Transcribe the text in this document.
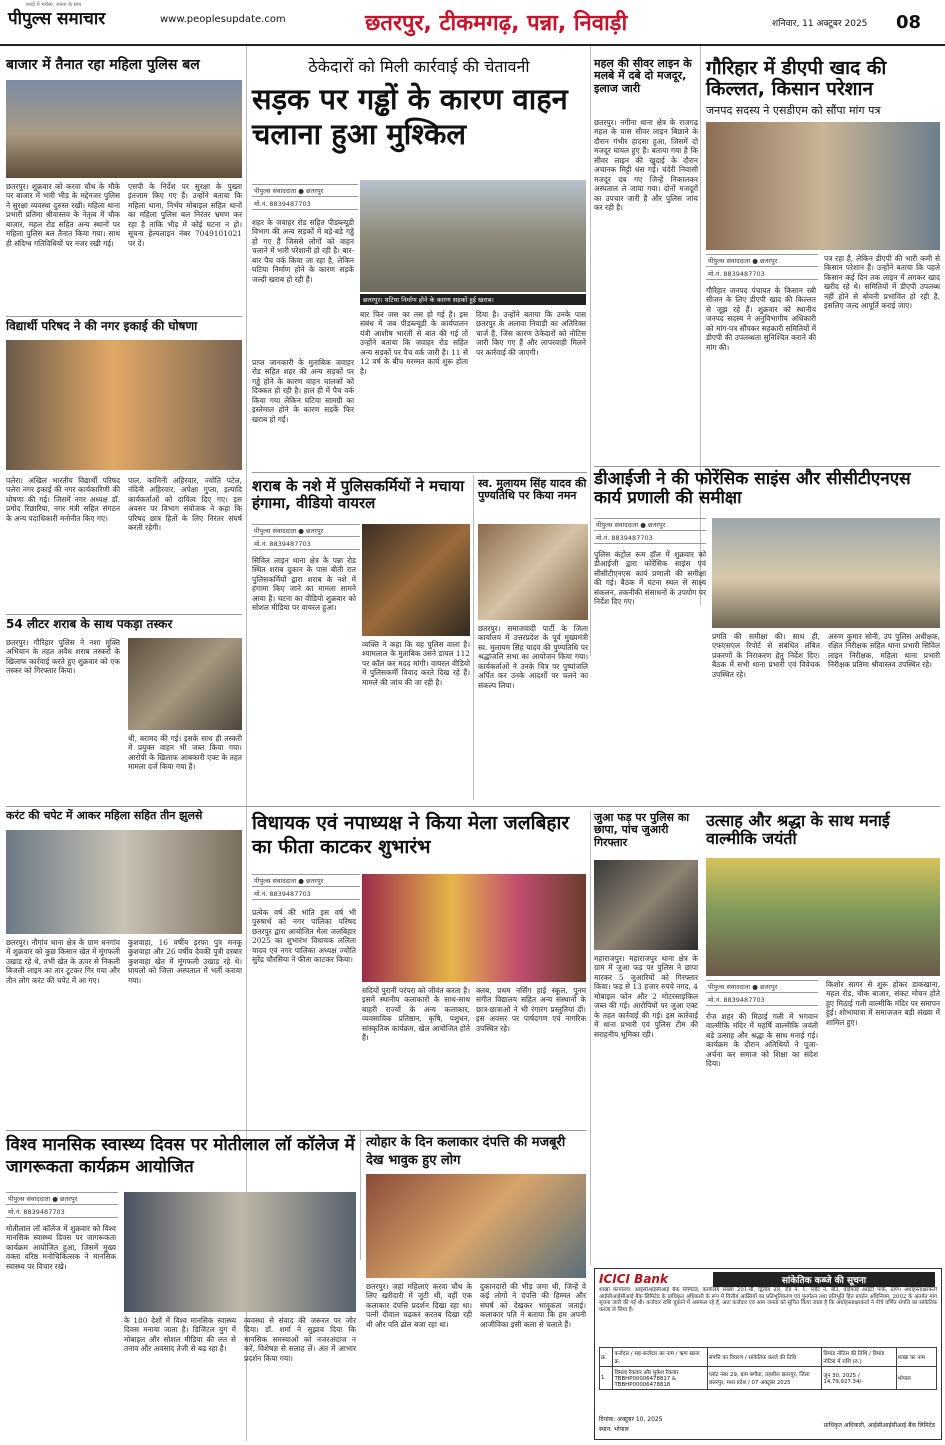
पीपुल्स समाचार
शब्दों में भरोसा, जनता के साथ
www.peoplesupdate.com	छतरपुर, टीकमगढ़, पन्ना, निवाड़ी	शनिवार, 11 अक्टूबर 2025 08
बाजार में तैनात रहा महिला पुलिस बल
छतरपुर। शुक्रवार को करवा चौथ के मौके पर बाजार में भारी भीड़ के मद्देनजर पुलिस ने सुरक्षा व्यवस्था दुरुस्त रखी। महिला थाना प्रभारी प्रतिमा श्रीवास्तव के नेतृत्व में चौक बाजार, महल रोड सहित अन्य स्थानों पर महिला पुलिस बल तैनात किया गया। साथ ही संदिग्ध गतिविधियों पर नजर रखी गई।
एसपी के निर्देश पर सुरक्षा के पुख्ता इंतजाम किए गए हैं। उन्होंने बताया कि महिला थाना, निर्भय मोबाइल सहित थानों का महिला पुलिस बल निरंतर भ्रमण कर रहा है ताकि भीड़ में कोई घटना न हो। सूचना हेल्पलाइन नंबर 7049101021 पर दें।
ठेकेदारों को मिली कार्रवाई की चेतावनी
सड़क पर गड्ढों के कारण वाहन चलाना हुआ मुश्किल
पीपुल्स संवाददाता ● छतरपुर
मो.नं. 8839487703
छतरपुर। घटिया निर्माण होने के कारण सड़कों हुई खराब।
शहर के जवाहर रोड सहित पीडब्ल्यूडी विभाग की अन्य सड़कों में बड़े-बड़े गड्ढे हो गए हैं जिससे लोगों को वाहन चलाने में भारी परेशानी हो रही है। बार-बार पैच वर्क किया जा रहा है, लेकिन घटिया निर्माण होने के कारण सड़कें जल्दी खराब हो रही हैं।
प्राप्त जानकारी के मुताबिक जवाहर रोड सहित शहर की अन्य सड़कों पर गड्ढे होने के कारण वाहन चालकों को दिक्कत हो रही है। हाल ही में पैच वर्क किया गया लेकिन घटिया सामग्री का इस्तेमाल होने के कारण सड़कें फिर खराब हो गईं।
बार फिर जस का तस हो गई है। इस संबंध में जब पीडब्ल्यूडी के कार्यपालन यंत्री आशीष भारती से बात की गई तो उन्होंने बताया कि जवाहर रोड सहित अन्य सड़कों पर पैच वर्क जारी है। 11 से 12 वर्ष के बीच मरम्मत कार्य शुरू होता है।
दिया है। उन्होंने बताया कि उनके पास छतरपुर के अलावा निवाड़ी का अतिरिक्त चार्ज है, जिस कारण ठेकेदारों को नोटिस जारी किए गए हैं और लापरवाही मिलने पर कार्रवाई की जाएगी।
महल की सीवर लाइन के मलबे में दबे दो मजदूर, इलाज जारी
छतरपुर। नगीना थाना क्षेत्र के राजगढ़ महल के पास सीवर लाइन बिछाने के दौरान गंभीर हादसा हुआ, जिसमें दो मजदूर घायल हुए हैं। बताया गया है कि सीवर लाइन की खुदाई के दौरान अचानक मिट्टी धंस गई। चंदेरी निवासी मजदूर दब गए जिन्हें निकालकर अस्पताल ले जाया गया। दोनों मजदूरों का उपचार जारी है और पुलिस जांच कर रही है।
गौरिहार में डीएपी खाद की किल्लत, किसान परेशान
जनपद सदस्य ने एसडीएम को सौंपा मांग पत्र
पीपुल्स संवाददाता ● छतरपुर
मो.नं. 8839487703
गौरिहार जनपद पंचायत के किसान रबी सीजन के लिए डीएपी खाद की किल्लत से जूझ रहे हैं। शुक्रवार को स्थानीय जनपद सदस्य ने अनुविभागीय अधिकारी को मांग-पत्र सौंपकर सहकारी समितियों में डीएपी की उपलब्धता सुनिश्चित कराने की मांग की।
पत्र रहा है, लेकिन डीएपी की भारी कमी से किसान परेशान हैं। उन्होंने बताया कि पहले किसान कई दिन तक लाइन में लगकर खाद खरीद रहे थे। समितियों में डीएपी उपलब्ध नहीं होने से बोवनी प्रभावित हो रही है, इसलिए जल्द आपूर्ति कराई जाए।
विद्यार्थी परिषद ने की नगर इकाई की घोषणा
पलेरा। अखिल भारतीय विद्यार्थी परिषद पलेरा नगर इकाई की नगर कार्यकारिणी की घोषणा की गई। जिसमें नगर अध्यक्ष डॉ. प्रमोद रिछारिया, नगर मंत्री सहित संगठन के अन्य पदाधिकारी मनोनीत किए गए।
पाल, कामिनी अहिरवार, ज्योति पटेल, नंदिनी अहिरवार, अपेक्षा गुप्ता, इत्यादि कार्यकर्ताओं को दायित्व दिए गए। इस अवसर पर विभाग संयोजक ने कहा कि परिषद छात्र हितों के लिए निरंतर संघर्ष करती रहेगी।
शराब के नशे में पुलिसकर्मियों ने मचाया हंगामा, वीडियो वायरल
पीपुल्स संवाददाता ● छतरपुर
मो.नं. 8839487703
सिविल लाइन थाना क्षेत्र के पन्ना रोड स्थित शराब दुकान के पास बीती रात पुलिसकर्मियों द्वारा शराब के नशे में हंगामा किए जाने का मामला सामने आया है। घटना का वीडियो शुक्रवार को सोशल मीडिया पर वायरल हुआ।
व्यक्ति ने कहा कि यह पुलिस वाला है। श्यामलाल के मुताबिक उसने डायल 112 पर कॉल कर मदद मांगी। वायरल वीडियो में पुलिसकर्मी विवाद करते दिख रहे हैं। मामले की जांच की जा रही है।
स्व. मुलायम सिंह यादव की पुण्यतिथि पर किया नमन
छतरपुर। समाजवादी पार्टी के जिला कार्यालय में उत्तरप्रदेश के पूर्व मुख्यमंत्री स्व. मुलायम सिंह यादव की पुण्यतिथि पर श्रद्धांजलि सभा का आयोजन किया गया। कार्यकर्ताओं ने उनके चित्र पर पुष्पांजलि अर्पित कर उनके आदर्शों पर चलने का संकल्प लिया।
डीआईजी ने की फोरेंसिक साइंस और सीसीटीएनएस कार्य प्रणाली की समीक्षा
पीपुल्स संवाददाता ● छतरपुर
मो.नं. 8839487703
पुलिस कंट्रोल रूम हॉल में शुक्रवार को डीआईजी द्वारा फोरेंसिक साइंस एवं सीसीटीएनएस कार्य प्रणाली की समीक्षा की गई। बैठक में घटना स्थल से साक्ष्य संकलन, तकनीकी संसाधनों के उपयोग पर निर्देश दिए गए।
प्रगति की समीक्षा की। साथ ही, एफएसएल रिपोर्ट से संबंधित लंबित प्रकरणों के निराकरण हेतु निर्देश दिए। बैठक में सभी थाना प्रभारी एवं विवेचक उपस्थित रहे।
अरुण कुमार सोनी, उप पुलिस अधीक्षक, रक्षित निरीक्षक सहित थाना प्रभारी सिविल लाइन निरीक्षक, महिला थाना प्रभारी निरीक्षक प्रतिमा श्रीवास्तव उपस्थित रहे।
54 लीटर शराब के साथ पकड़ा तस्कर
छतरपुर। गौरिहार पुलिस ने नशा मुक्ति अभियान के तहत अवैध शराब तस्करों के खिलाफ कार्रवाई करते हुए शुक्रवार को एक तस्कर को गिरफ्तार किया।
थी, बरामद की गई। इसके साथ ही तस्करी में प्रयुक्त वाहन भी जब्त किया गया। आरोपी के खिलाफ आबकारी एक्ट के तहत मामला दर्ज किया गया है।
करंट की चपेट में आकर महिला सहित तीन झुलसे
छतरपुर। नौगांव थाना क्षेत्र के ग्राम धनगांव में शुक्रवार को कुछ किसान खेत में मूंगफली उखाड़ रहे थे, तभी खेत के ऊपर से निकली बिजली लाइन का तार टूटकर गिर गया और तीन लोग करंट की चपेट में आ गए।
कुशवाहा, 16 वर्षीय इरफ़ा पुत्र मनकू कुशवाहा और 26 वर्षीय देवकी पुत्री दरबार कुशवाहा खेत में मूंगफली उखाड़ रहे थे। घायलों को जिला अस्पताल में भर्ती कराया गया।
विधायक एवं नपाध्यक्ष ने किया मेला जलबिहार का फीता काटकर शुभारंभ
पीपुल्स संवाददाता ● छतरपुर
मो.नं. 8839487703
प्रत्येक वर्ष की भांति इस वर्ष भी पुरुषार्थ को नगर पालिका परिषद छतरपुर द्वारा आयोजित मेला जलबिहार 2025 का शुभारंभ विधायक ललिता यादव एवं नगर पालिका अध्यक्ष ज्योति सुरेंद्र चौरसिया ने फीता काटकर किया।
सदियों पुरानी परंपरा को जीवंत करता है। इसमें स्थानीय कलाकारों के साथ-साथ बाहरी राज्यों के अन्य कलाकार, व्यवसायिक प्रतिष्ठान, कृषि, पशुधन, सांस्कृतिक कार्यक्रम, खेल आयोजित होते हैं।
क्लब, प्रथम नर्सिंग हाई स्कूल, पूनम संगीत विद्यालय सहित अन्य संस्थानों के छात्र-छात्राओं ने भी रंगारंग प्रस्तुतियां दीं। इस अवसर पर पार्षदगण एवं नागरिक उपस्थित रहे।
जुआ फड़ पर पुलिस का छापा, पांच जुआरी गिरफ्तार
महाराजपुर। महाराजपुर थाना क्षेत्र के ग्राम में जुआ फड़ पर पुलिस ने छापा मारकर 5 जुआरियों को गिरफ्तार किया। फड़ से 13 हजार रुपये नगद, 4 मोबाइल फोन और 2 मोटरसाइकिल जब्त की गई। आरोपियों पर जुआ एक्ट के तहत कार्रवाई की गई। इस कार्रवाई में थाना प्रभारी एवं पुलिस टीम की सराहनीय भूमिका रही।
उत्साह और श्रद्धा के साथ मनाई वाल्मीकि जयंती
पीपुल्स संवाददाता ● छतरपुर
मो.नं. 8839487703
रोज शहर की मिठाई गली में भगवान वाल्मीकि मंदिर में महर्षि वाल्मीकि जयंती बड़े उत्साह और श्रद्धा के साथ मनाई गई। कार्यक्रम के दौरान अतिथियों ने पूजा-अर्चना कर समाज को शिक्षा का संदेश दिया।
किशोर सागर से शुरू होकर डाकखाना, महल रोड, चौक बाजार, संकट मोचन होते हुए मिठाई गली वाल्मीकि मंदिर पर समापन हुई। शोभायात्रा में समाजजन बड़ी संख्या में शामिल हुए।
विश्व मानसिक स्वास्थ्य दिवस पर मोतीलाल लॉ कॉलेज में जागरूकता कार्यक्रम आयोजित
पीपुल्स संवाददाता ● छतरपुर
मो.नं. 8839487703
मोतीलाल लॉ कॉलेज में शुक्रवार को विश्व मानसिक स्वास्थ्य दिवस पर जागरूकता कार्यक्रम आयोजित हुआ, जिसमें मुख्य वक्ता वरिष्ठ मनोचिकित्सक ने मानसिक स्वास्थ्य पर विचार रखे।
के 180 देशों में विश्व मानसिक स्वास्थ्य दिवस मनाया जाता है। डिजिटल युग में मोबाइल और सोशल मीडिया की लत से तनाव और अवसाद तेजी से बढ़ रहा है।
व्यवस्था से संवाद की जरूरत पर जोर दिया। डॉ. शर्मा ने सुझाव दिया कि मानसिक समस्याओं को नजरअंदाज न करें, विशेषज्ञ से सलाह लें। अंत में आभार प्रदर्शन किया गया।
त्योहार के दिन कलाकार दंपत्ति की मजबूरी देख भावुक हुए लोग
छतरपुर। जहां महिलाएं करवा चौथ के लिए खरीदारी में जुटी थीं, वहीं एक कलाकार दंपत्ति प्रदर्शन दिखा रहा था। पत्नी दीवाल चढ़कर करतब दिखा रही थी और पति ढोल बजा रहा था।
दुकानदारों की भीड़ जमा थी, जिन्हें वे कई लोगों ने दंपत्ति की हिम्मत और संघर्ष को देखकर भावुकता जताई। कलाकार पति ने बताया कि हम अपनी आजीविका इसी कला से चलाते हैं।
ICICI Bank	सांकेतिक कब्जे की सूचना
शाखा कार्यालय: आईसीआईसीआई बैंक लिमिटेड, कार्यालय संख्या 201-बी, द्वितीय तल, रोड नं. 1, प्लॉट नं. बी3, वाईफाई आईटी पार्क, ठाणे। अधोहस्ताक्षरकर्ता आईसीआईसीआई बैंक लिमिटेड के प्राधिकृत अधिकारी के रूप में वित्तीय आस्तियों का प्रतिभूतिकरण एवं पुनर्गठन तथा प्रतिभूति हित प्रवर्तन अधिनियम, 2002 के अंतर्गत मांग सूचना जारी की गई थी। कर्जदार राशि चुकाने में असफल रहे हैं, अतः कर्जदार एवं आम जनता को सूचित किया जाता है कि अधोहस्ताक्षरकर्ता ने नीचे वर्णित संपत्ति का सांकेतिक कब्जा ले लिया है।
क्र.	कर्जदार / सह-कर्जदार का नाम / ऋण खाता क्र.	संपत्ति का विवरण / सांकेतिक कब्जे की तिथि	डिमांड नोटिस की तिथि / डिमांड नोटिस में राशि (रु.)	शाखा का नाम
1	विमला रैकवार और मुकेश रैकवार TBBHP00006478817 & TBBHP00006478818	प्लॉट नंबर 29, ग्राम बगौता, तहसील छतरपुर, जिला छतरपुर, मध्य प्रदेश / 07 अक्टूबर 2025	जून 30, 2025 / 14,79,927.34/-	भोपाल
दिनांक: अक्टूबर 10, 2025
स्थान: भोपाल
प्राधिकृत अधिकारी, आईसीआईसीआई बैंक लिमिटेड
